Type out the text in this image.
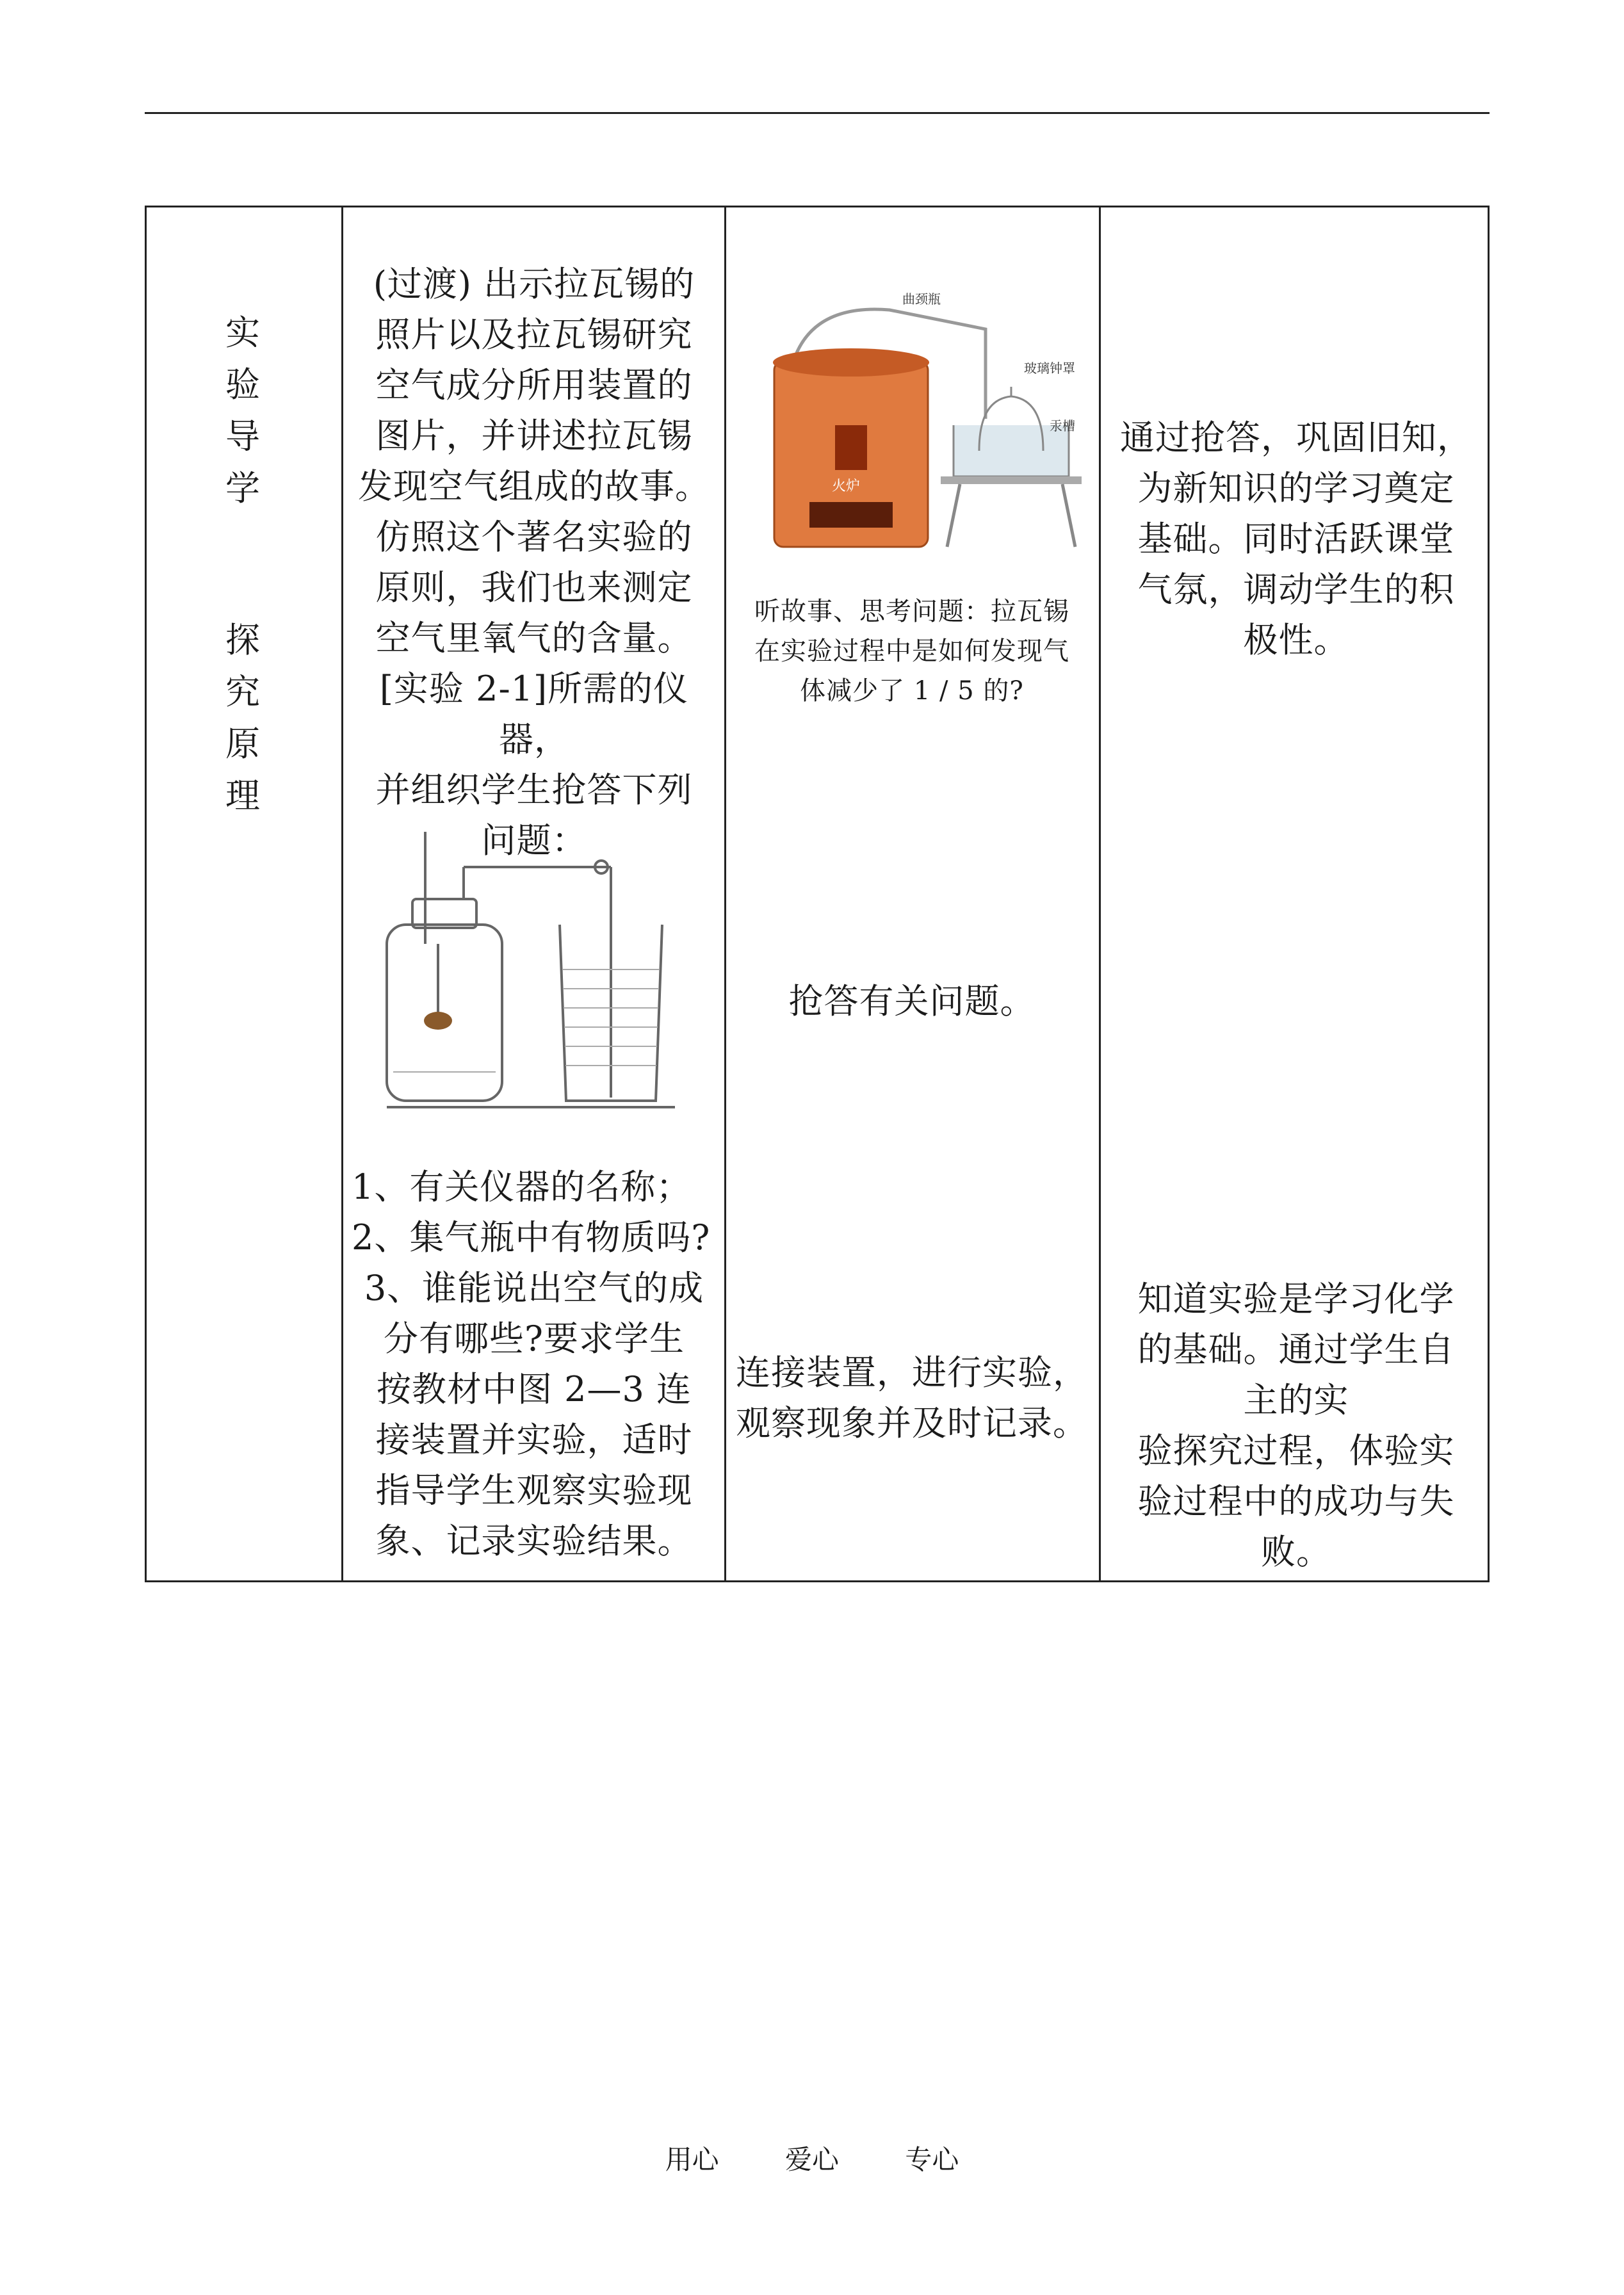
实
验
导
学
探
究
原
理
(过渡) 出示拉瓦锡的
照片以及拉瓦锡研究
空气成分所用装置的
图片，并讲述拉瓦锡
发现空气组成的故事。
仿照这个著名实验的
原则，我们也来测定
空气里氧气的含量。
[实验 2-1]所需的仪器，
并组织学生抢答下列
问题：
1、有关仪器的名称；
2、集气瓶中有物质吗?
3、谁能说出空气的成
分有哪些?要求学生
按教材中图 2—3 连
接装置并实验，适时
指导学生观察实验现
象、记录实验结果。
火炉
曲颈瓶
玻璃钟罩
汞槽
听故事、思考问题：拉瓦锡
在实验过程中是如何发现气
体减少了 1 / 5 的?
抢答有关问题。
连接装置，进行实验，
观察现象并及时记录。
通过抢答，巩固旧知，
为新知识的学习奠定
基础。同时活跃课堂
气氛，调动学生的积
极性。
知道实验是学习化学
的基础。通过学生自
主的实
验探究过程，体验实
验过程中的成功与失
败。
用心 爱心 专心
